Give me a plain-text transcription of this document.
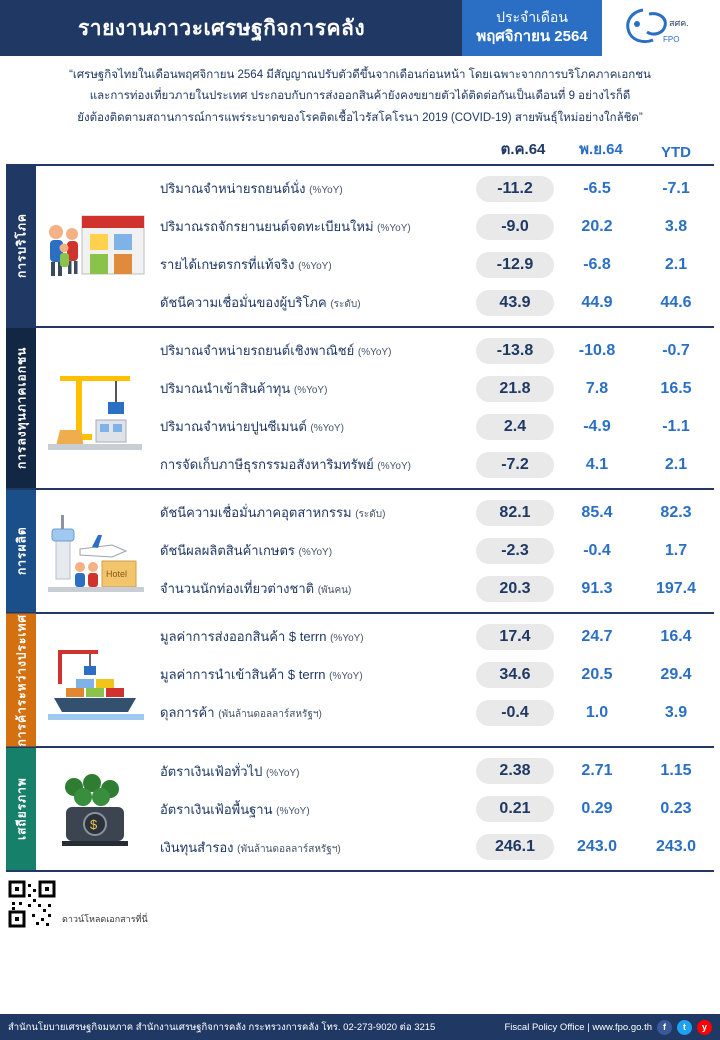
รายงานภาวะเศรษฐกิจการคลัง	ประจำเดือน
พฤศจิกายน 2564
สศค.
FPO
“เศรษฐกิจไทยในเดือนพฤศจิกายน 2564 มีสัญญาณปรับตัวดีขึ้นจากเดือนก่อนหน้า โดยเฉพาะจากการบริโภคภาคเอกชน
และการท่องเที่ยวภายในประเทศ ประกอบกับการส่งออกสินค้ายังคงขยายตัวได้ติดต่อกันเป็นเดือนที่ 9 อย่างไรก็ดี
ยังต้องติดตามสถานการณ์การแพร่ระบาดของโรคติดเชื้อไวรัสโคโรนา 2019 (COVID-19) สายพันธุ์ใหม่อย่างใกล้ชิด”
ต.ค.64	พ.ย.64	YTD
การบริโภค
ปริมาณจำหน่ายรถยนต์นั่ง (%YoY)	-11.2	-6.5	-7.1
ปริมาณรถจักรยานยนต์จดทะเบียนใหม่ (%YoY)	-9.0	20.2	3.8
รายได้เกษตรกรที่แท้จริง (%YoY)	-12.9	-6.8	2.1
ดัชนีความเชื่อมั่นของผู้บริโภค (ระดับ)	43.9	44.9	44.6
การลงทุนภาคเอกชน	ปริมาณจำหน่ายรถยนต์เชิงพาณิชย์ (%YoY)	-13.8	-10.8	-0.7
ปริมาณนำเข้าสินค้าทุน (%YoY)	21.8	7.8	16.5
ปริมาณจำหน่ายปูนซีเมนต์ (%YoY)	2.4	-4.9	-1.1
การจัดเก็บภาษีธุรกรรมอสังหาริมทรัพย์ (%YoY)	-7.2	4.1	2.1
การผลิต	Hotel
ดัชนีความเชื่อมั่นภาคอุตสาหกรรม (ระดับ)	82.1	85.4	82.3
ดัชนีผลผลิตสินค้าเกษตร (%YoY)	-2.3	-0.4	1.7
จำนวนนักท่องเที่ยวต่างชาติ (พันคน)	20.3	91.3	197.4
การค้าระหว่างประเทศ	มูลค่าการส่งออกสินค้า $ terrn (%YoY)	17.4	24.7	16.4
มูลค่าการนำเข้าสินค้า $ terrn (%YoY)	34.6	20.5	29.4
ดุลการค้า (พันล้านดอลลาร์สหรัฐฯ)	-0.4	1.0	3.9
เสถียรภาพ	$
อัตราเงินเฟ้อทั่วไป (%YoY)	2.38	2.71	1.15
อัตราเงินเฟ้อพื้นฐาน (%YoY)	0.21	0.29	0.23
เงินทุนสำรอง (พันล้านดอลลาร์สหรัฐฯ)	246.1	243.0	243.0
ดาวน์โหลดเอกสารที่นี่
สำนักนโยบายเศรษฐกิจมหภาค สำนักงานเศรษฐกิจการคลัง กระทรวงการคลัง โทร. 02-273-9020 ต่อ 3215	Fiscal Policy Office | www.fpo.go.th	f	t	y
